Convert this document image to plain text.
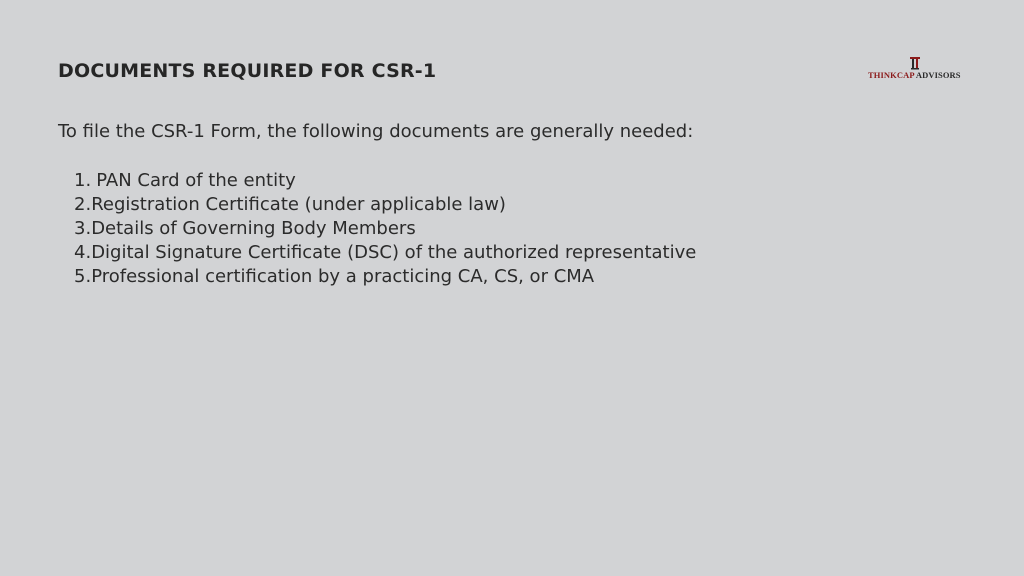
DOCUMENTS REQUIRED FOR CSR-1	THINKCAP ADVISORS
To file the CSR-1 Form, the following documents are generally needed:
1. PAN Card of the entity
2.Registration Certificate (under applicable law)
3.Details of Governing Body Members
4.Digital Signature Certificate (DSC) of the authorized representative
5.Professional certification by a practicing CA, CS, or CMA
